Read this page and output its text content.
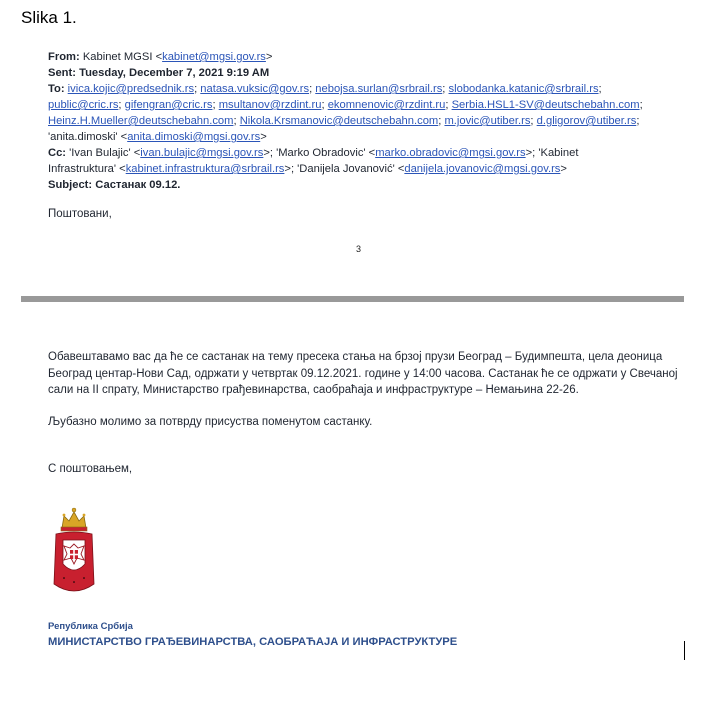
Slika 1.
From: Kabinet MGSI <kabinet@mgsi.gov.rs>
Sent: Tuesday, December 7, 2021 9:19 AM
To: ivica.kojic@predsednik.rs; natasa.vuksic@gov.rs; nebojsa.surlan@srbrail.rs; slobodanka.katanic@srbrail.rs;
public@cric.rs; gifengran@cric.rs; msultanov@rzdint.ru; ekomnenovic@rzdint.ru; Serbia.HSL1-SV@deutschebahn.com;
Heinz.H.Mueller@deutschebahn.com; Nikola.Krsmanovic@deutschebahn.com; m.jovic@utiber.rs; d.gligorov@utiber.rs;
'anita.dimoski' <anita.dimoski@mgsi.gov.rs>
Cc: 'Ivan Bulajic' <ivan.bulajic@mgsi.gov.rs>; 'Marko Obradovic' <marko.obradovic@mgsi.gov.rs>; 'Kabinet
Infrastruktura' <kabinet.infrastruktura@srbrail.rs>; 'Danijela Jovanović' <danijela.jovanovic@mgsi.gov.rs>
Subject: Састанак 09.12.
Поштовани,
3
Обавештавамо вас да ће се састанак на тему пресека стања на брзој прузи Београд – Будимпешта, цела деоница Београд центар-Нови Сад, одржати у четвртак 09.12.2021. године у 14:00 часова. Састанак ће се одржати у Свечаној сали на II спрату, Министарство грађевинарства, саобраћаја и инфраструктуре – Немањина 22-26.
Љубазно молимо за потврду присуства поменутом састанку.
С поштовањем,
Република Србија
МИНИСТАРСТВО ГРАЂЕВИНАРСТВА, САОБРАЋАЈА И ИНФРАСТРУКТУРЕ
